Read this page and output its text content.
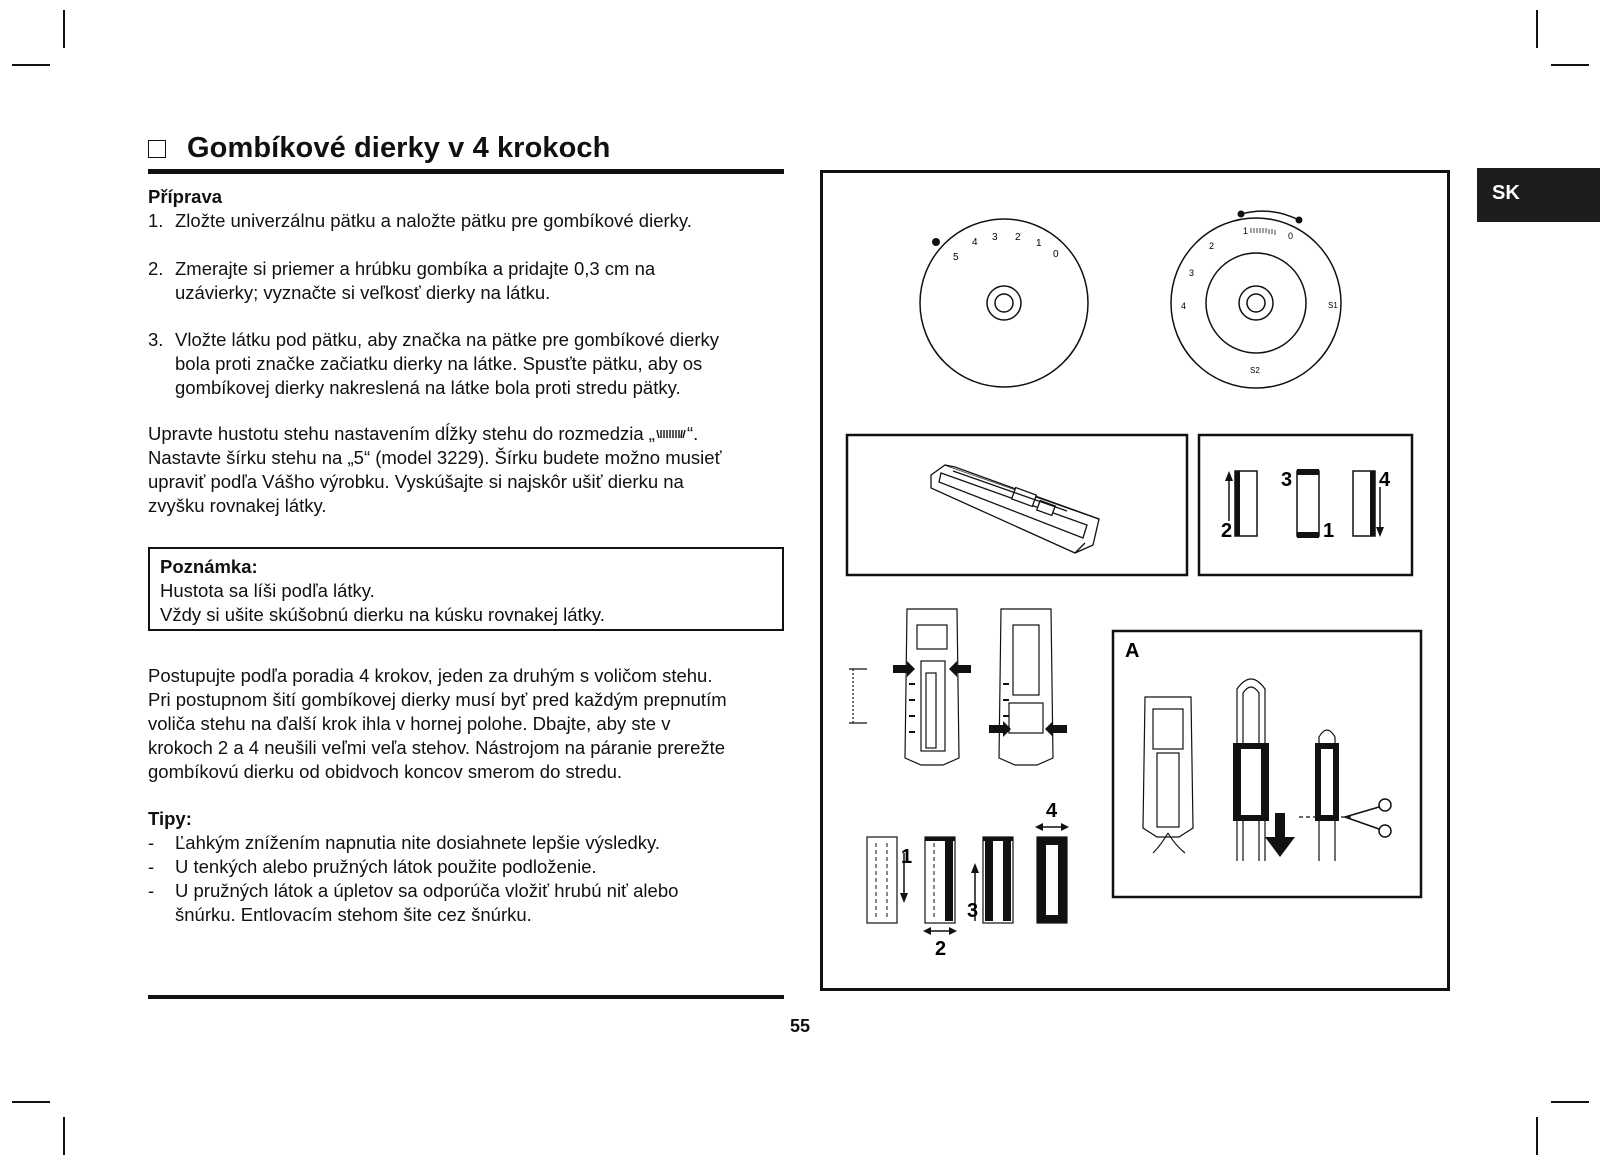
Gombíkové dierky v 4 krokoch
SK
Příprava
1. Zložte univerzálnu pätku a naložte pätku pre gombíkové dierky.
2. Zmerajte si priemer a hrúbku gombíka a pridajte 0,3 cm na
uzávierky; vyznačte si veľkosť dierky na látku.
3. Vložte látku pod pätku, aby značka na pätke pre gombíkové dierky
bola proti značke začiatku dierky na látke. Spusťte pätku, aby os
gombíkovej dierky nakreslená na látke bola proti stredu pätky.
Upravte hustotu stehu nastavením dĺžky stehu do rozmedzia „ “.
Nastavte šírku stehu na „5“ (model 3229). Šírku budete možno musieť
upraviť podľa Vášho výrobku. Vyskúšajte si najskôr ušiť dierku na
zvyšku rovnakej látky.
Poznámka:
Hustota sa líši podľa látky.
Vždy si ušite skúšobnú dierku na kúsku rovnakej látky.
Postupujte podľa poradia 4 krokov, jeden za druhým s voličom stehu.
Pri postupnom šití gombíkovej dierky musí byť pred každým prepnutím
voliča stehu na ďalší krok ihla v hornej polohe. Dbajte, aby ste v
krokoch 2 a 4 neušili veľmi veľa stehov. Nástrojom na páranie prerežte
gombíkovú dierku od obidvoch koncov smerom do stredu.
Tipy:
- Ľahkým znížením napnutia nite dosiahnete lepšie výsledky.
- U tenkých alebo pružných látok použite podloženie.
- U pružných látok a úpletov sa odporúča vložiť hrubú niť alebo
šnúrku. Entlovacím stehom šite cez šnúrku.
55
5
4 3 2
1
0
4
3
2
1	0
S1
S2
2
3
1
4
1
2
3
4
A
